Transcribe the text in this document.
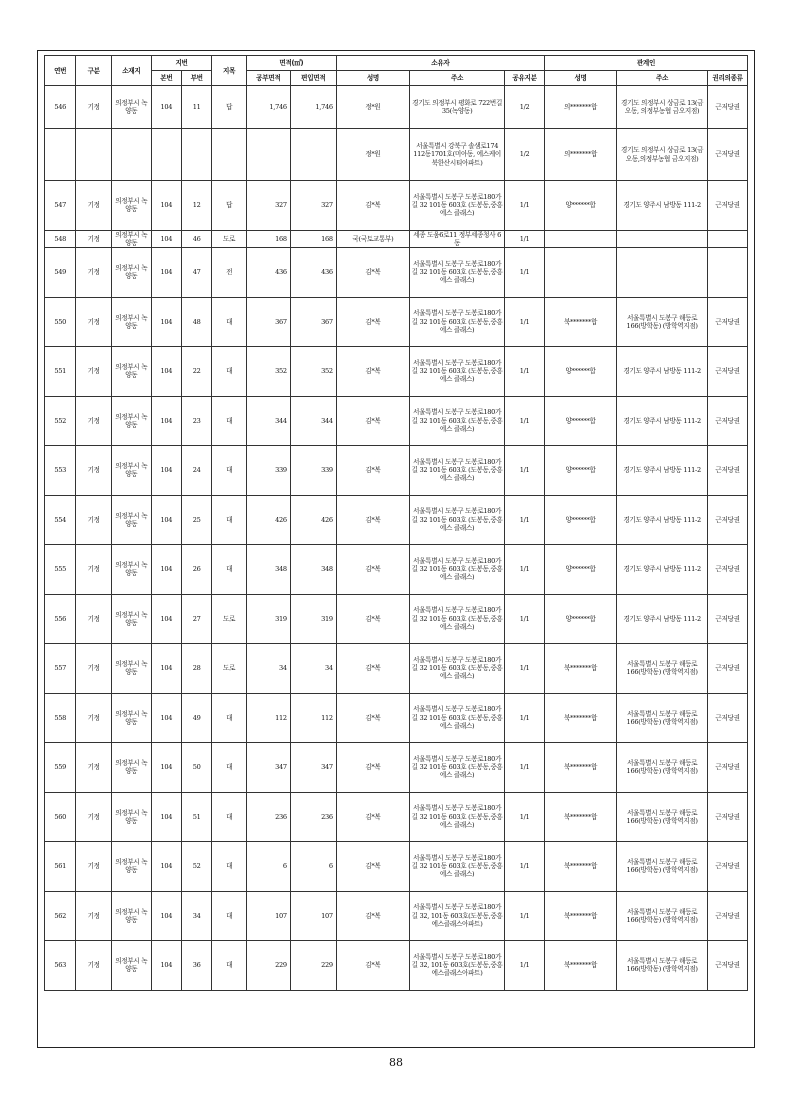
연번	구분	소재지	지번		지목	면적(㎡)		소유자			관계인		
			본번	부번		공부면적	편입면적	성명	주소	공유지분	성명	주소	권리의종류
546	기정	의정부시 녹양동	104	11	답	1,746	1,746	정*원	경기도 의정부시 평화로 722번길 35(녹양동)	1/2	의*******합	경기도 의정부시 상금로 13(금오동, 의정부농협 금오지점)	근저당권
								정*원	서울특별시 강북구 솔샘로174 112동1701호(미아동, 에스케이북한산시티아파트)	1/2	의*******합	경기도 의정부시 상금로 13(금오동,의정부농협 금오지점)	근저당권
547	기정	의정부시 녹양동	104	12	답	327	327	김*복	서울특별시 도봉구 도봉로180가길 32 101동 603호 (도봉동,중흥에스 클래스)	1/1	양******합	경기도 양주시 남방동 111-2	근저당권
548	기정	의정부시 녹양동	104	46	도로	168	168	국(국토교통부)	세종 도움6로11 정부세종청사 6동	1/1			
549	기정	의정부시 녹양동	104	47	전	436	436	김*복	서울특별시 도봉구 도봉로180가길 32 101동 603호 (도봉동,중흥에스 클래스)	1/1			
550	기정	의정부시 녹양동	104	48	대	367	367	김*복	서울특별시 도봉구 도봉로180가길 32 101동 603호 (도봉동,중흥에스 클래스)	1/1	북*******합	서울특별시 도봉구 해등로 166(방학동) (방학역지점)	근저당권
551	기정	의정부시 녹양동	104	22	대	352	352	김*복	서울특별시 도봉구 도봉로180가길 32 101동 603호 (도봉동,중흥에스 클래스)	1/1	양******합	경기도 양주시 남방동 111-2	근저당권
552	기정	의정부시 녹양동	104	23	대	344	344	김*복	서울특별시 도봉구 도봉로180가길 32 101동 603호 (도봉동,중흥에스 클래스)	1/1	양******합	경기도 양주시 남방동 111-2	근저당권
553	기정	의정부시 녹양동	104	24	대	339	339	김*복	서울특별시 도봉구 도봉로180가길 32 101동 603호 (도봉동,중흥에스 클래스)	1/1	양******합	경기도 양주시 남방동 111-2	근저당권
554	기정	의정부시 녹양동	104	25	대	426	426	김*복	서울특별시 도봉구 도봉로180가길 32 101동 603호 (도봉동,중흥에스 클래스)	1/1	양******합	경기도 양주시 남방동 111-2	근저당권
555	기정	의정부시 녹양동	104	26	대	348	348	김*복	서울특별시 도봉구 도봉로180가길 32 101동 603호 (도봉동,중흥에스 클래스)	1/1	양******합	경기도 양주시 남방동 111-2	근저당권
556	기정	의정부시 녹양동	104	27	도로	319	319	김*복	서울특별시 도봉구 도봉로180가길 32 101동 603호 (도봉동,중흥에스 클래스)	1/1	양******합	경기도 양주시 남방동 111-2	근저당권
557	기정	의정부시 녹양동	104	28	도로	34	34	김*복	서울특별시 도봉구 도봉로180가길 32 101동 603호 (도봉동,중흥에스 클래스)	1/1	북*******합	서울특별시 도봉구 해등로 166(방학동) (방학역지점)	근저당권
558	기정	의정부시 녹양동	104	49	대	112	112	김*복	서울특별시 도봉구 도봉로180가길 32 101동 603호 (도봉동,중흥에스 클래스)	1/1	북*******합	서울특별시 도봉구 해등로 166(방학동) (방학역지점)	근저당권
559	기정	의정부시 녹양동	104	50	대	347	347	김*복	서울특별시 도봉구 도봉로180가길 32 101동 603호 (도봉동,중흥에스 클래스)	1/1	북*******합	서울특별시 도봉구 해등로 166(방학동) (방학역지점)	근저당권
560	기정	의정부시 녹양동	104	51	대	236	236	김*복	서울특별시 도봉구 도봉로180가길 32 101동 603호 (도봉동,중흥에스 클래스)	1/1	북*******합	서울특별시 도봉구 해등로 166(방학동) (방학역지점)	근저당권
561	기정	의정부시 녹양동	104	52	대	6	6	김*복	서울특별시 도봉구 도봉로180가길 32 101동 603호 (도봉동,중흥에스 클래스)	1/1	북*******합	서울특별시 도봉구 해등로 166(방학동) (방학역지점)	근저당권
562	기정	의정부시 녹양동	104	34	대	107	107	김*복	서울특별시 도봉구 도봉로180가길 32, 101동 603호(도봉동,중흥에스클래스아파트)	1/1	북*******합	서울특별시 도봉구 해등로 166(방학동) (방학역지점)	근저당권
563	기정	의정부시 녹양동	104	36	대	229	229	김*복	서울특별시 도봉구 도봉로180가길 32, 101동 603호(도봉동,중흥에스클래스아파트)	1/1	북*******합	서울특별시 도봉구 해등로 166(방학동) (방학역지점)	근저당권
88
